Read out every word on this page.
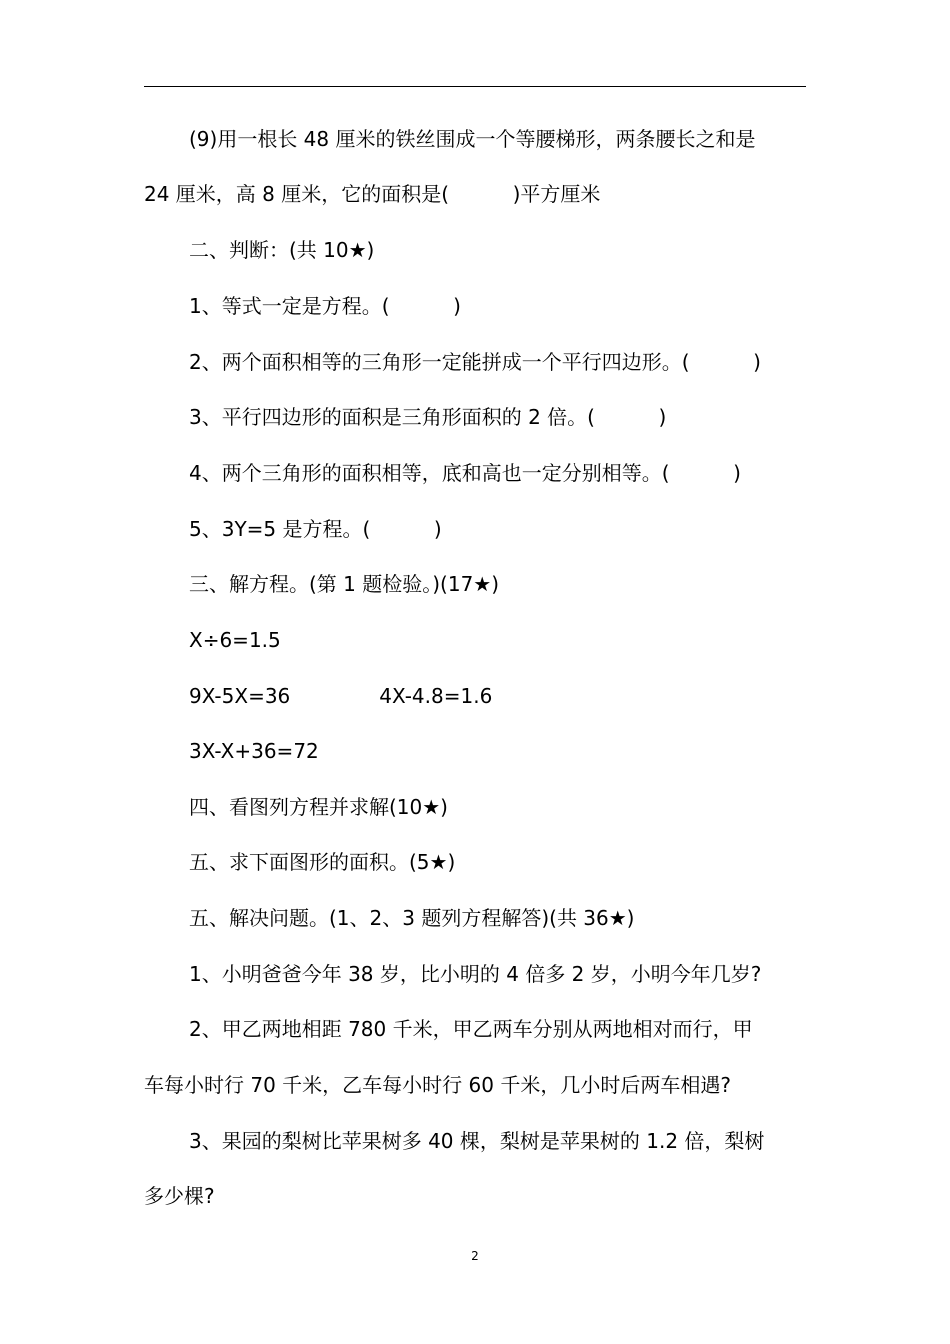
(9)用一根长 48 厘米的铁丝围成一个等腰梯形，两条腰长之和是
24 厘米，高 8 厘米，它的面积是(          )平方厘米
二、判断：(共 10★)
1、等式一定是方程。(          )
2、两个面积相等的三角形一定能拼成一个平行四边形。(          )
3、平行四边形的面积是三角形面积的 2 倍。(          )
4、两个三角形的面积相等，底和高也一定分别相等。(          )
5、3Y=5 是方程。(          )
三、解方程。(第 1 题检验。)(17★)
X÷6=1.5
9X-5X=36              4X-4.8=1.6
3X-X+36=72
四、看图列方程并求解(10★)
五、求下面图形的面积。(5★)
五、解决问题。(1、2、3 题列方程解答)(共 36★)
1、小明爸爸今年 38 岁，比小明的 4 倍多 2 岁，小明今年几岁?
2、甲乙两地相距 780 千米，甲乙两车分别从两地相对而行，甲
车每小时行 70 千米，乙车每小时行 60 千米，几小时后两车相遇?
3、果园的梨树比苹果树多 40 棵，梨树是苹果树的 1.2 倍，梨树
多少棵?
2
